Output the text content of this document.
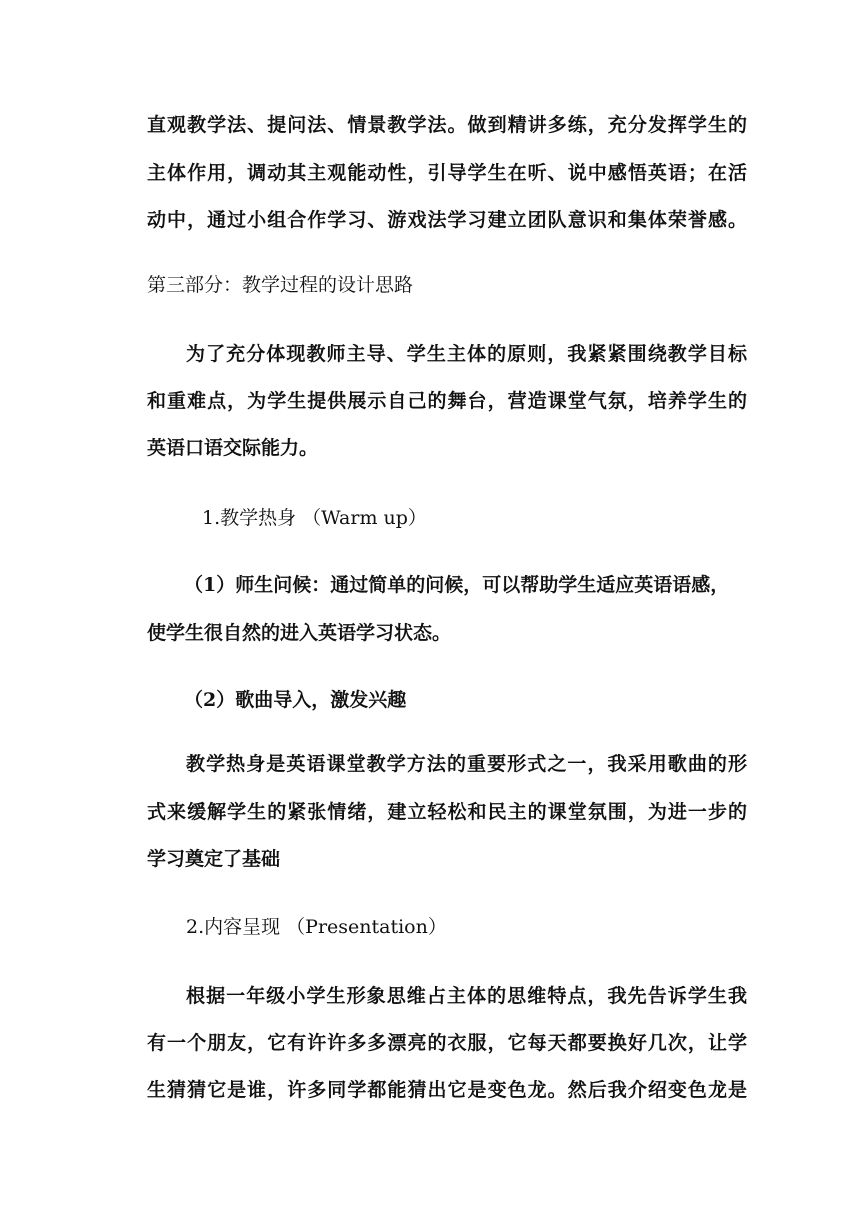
直观教学法、提问法、情景教学法。做到精讲多练，充分发挥学生的
主体作用，调动其主观能动性，引导学生在听、说中感悟英语；在活
动中，通过小组合作学习、游戏法学习建立团队意识和集体荣誉感。
第三部分：教学过程的设计思路
为了充分体现教师主导、学生主体的原则，我紧紧围绕教学目标
和重难点，为学生提供展示自己的舞台，营造课堂气氛，培养学生的
英语口语交际能力。
1.教学热身 （Warm up）
（1）师生问候：通过简单的问候，可以帮助学生适应英语语感，
使学生很自然的进入英语学习状态。
（2）歌曲导入，激发兴趣
教学热身是英语课堂教学方法的重要形式之一，我采用歌曲的形
式来缓解学生的紧张情绪，建立轻松和民主的课堂氛围，为进一步的
学习奠定了基础
2.内容呈现 （Presentation）
根据一年级小学生形象思维占主体的思维特点，我先告诉学生我
有一个朋友，它有许许多多漂亮的衣服，它每天都要换好几次，让学
生猜猜它是谁，许多同学都能猜出它是变色龙。然后我介绍变色龙是
